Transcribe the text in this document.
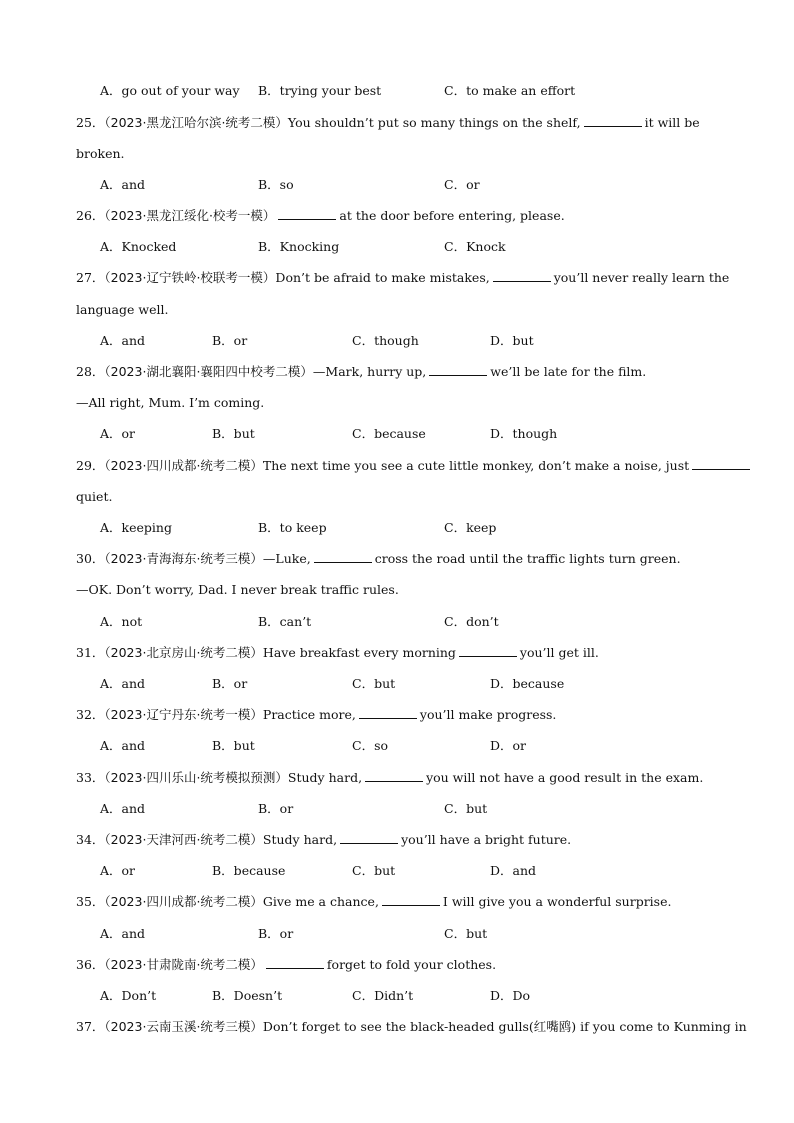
A．go out of your way B．trying your best	C．to make an effort
25．（2023·黑龙江哈尔滨·统考二模）You shouldn’t put so many things on the shelf,	it will be
broken.
A．and	B．so	C．or
26．（2023·黑龙江绥化·校考一模）	at the door before entering, please.
A．Knocked	B．Knocking	C．Knock
27．（2023·辽宁铁岭·校联考一模）Don’t be afraid to make mistakes,	you’ll never really learn the
language well.
A．and	B．or	C．though	D．but
28．（2023·湖北襄阳·襄阳四中校考二模）—Mark, hurry up,	we’ll be late for the film.
—All right, Mum. I’m coming.
A．or	B．but	C．because	D．though
29．（2023·四川成都·统考二模）The next time you see a cute little monkey, don’t make a noise, just
quiet.
A．keeping	B．to keep	C．keep
30．（2023·青海海东·统考三模）—Luke,	cross the road until the traffic lights turn green.
—OK. Don’t worry, Dad. I never break traffic rules.
A．not	B．can’t	C．don’t
31．（2023·北京房山·统考二模）Have breakfast every morning	you’ll get ill.
A．and	B．or	C．but	D．because
32．（2023·辽宁丹东·统考一模）Practice more,	you’ll make progress.
A．and	B．but	C．so	D．or
33．（2023·四川乐山·统考模拟预测）Study hard,	you will not have a good result in the exam.
A．and	B．or	C．but
34．（2023·天津河西·统考二模）Study hard,	you’ll have a bright future.
A．or	B．because	C．but	D．and
35．（2023·四川成都·统考二模）Give me a chance,	I will give you a wonderful surprise.
A．and	B．or	C．but
36．（2023·甘肃陇南·统考二模）	forget to fold your clothes.
A．Don’t	B．Doesn’t	C．Didn’t	D．Do
37．（2023·云南玉溪·统考三模）Don’t forget to see the black-headed gulls(红嘴鸥) if you come to Kunming in
